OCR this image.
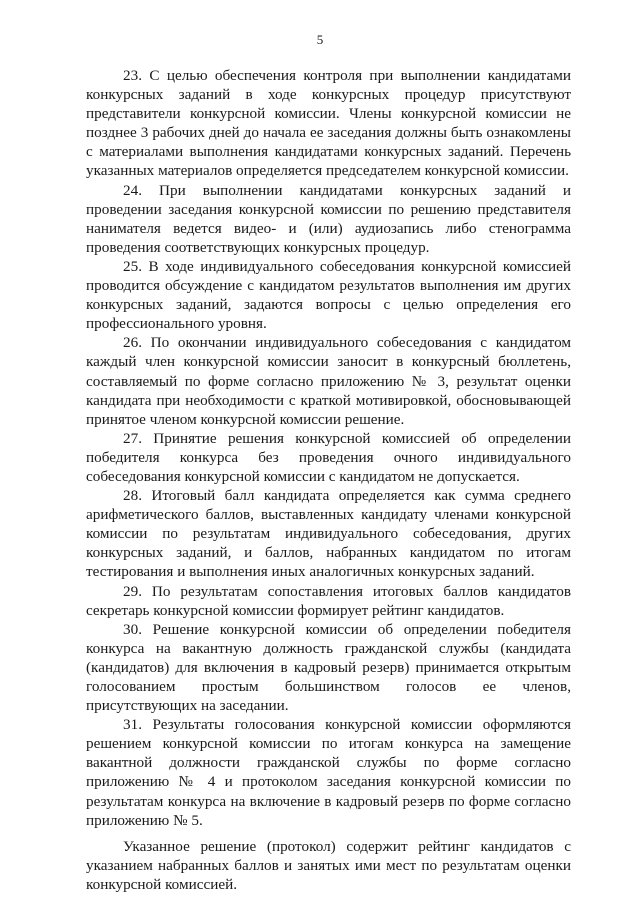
5

23. С целью обеспечения контроля при выполнении кандидатами конкурсных заданий в ходе конкурсных процедур присутствуют представители конкурсной комиссии. Члены конкурсной комиссии не позднее 3 рабочих дней до начала ее заседания должны быть ознакомлены с материалами выполнения кандидатами конкурсных заданий. Перечень указанных материалов определяется председателем конкурсной комиссии.

24. При выполнении кандидатами конкурсных заданий и проведении заседания конкурсной комиссии по решению представителя нанимателя ведется видео- и (или) аудиозапись либо стенограмма проведения соответствующих конкурсных процедур.

25. В ходе индивидуального собеседования конкурсной комиссией проводится обсуждение с кандидатом результатов выполнения им других конкурсных заданий, задаются вопросы с целью определения его профессионального уровня.

26. По окончании индивидуального собеседования с кандидатом каждый член конкурсной комиссии заносит в конкурсный бюллетень, составляемый по форме согласно приложению № 3, результат оценки кандидата при необходимости с краткой мотивировкой, обосновывающей принятое членом конкурсной комиссии решение.

27. Принятие решения конкурсной комиссией об определении победителя конкурса без проведения очного индивидуального собеседования конкурсной комиссии с кандидатом не допускается.

28. Итоговый балл кандидата определяется как сумма среднего арифметического баллов, выставленных кандидату членами конкурсной комиссии по результатам индивидуального собеседования, других конкурсных заданий, и баллов, набранных кандидатом по итогам тестирования и выполнения иных аналогичных конкурсных заданий.

29. По результатам сопоставления итоговых баллов кандидатов секретарь конкурсной комиссии формирует рейтинг кандидатов.

30. Решение конкурсной комиссии об определении победителя конкурса на вакантную должность гражданской службы (кандидата (кандидатов) для включения в кадровый резерв) принимается открытым голосованием простым большинством голосов ее членов, присутствующих на заседании.

31. Результаты голосования конкурсной комиссии оформляются решением конкурсной комиссии по итогам конкурса на замещение вакантной должности гражданской службы по форме согласно приложению № 4 и протоколом заседания конкурсной комиссии по результатам конкурса на включение в кадровый резерв по форме согласно приложению № 5.

Указанное решение (протокол) содержит рейтинг кандидатов с указанием набранных баллов и занятых ими мест по результатам оценки конкурсной комиссией.
